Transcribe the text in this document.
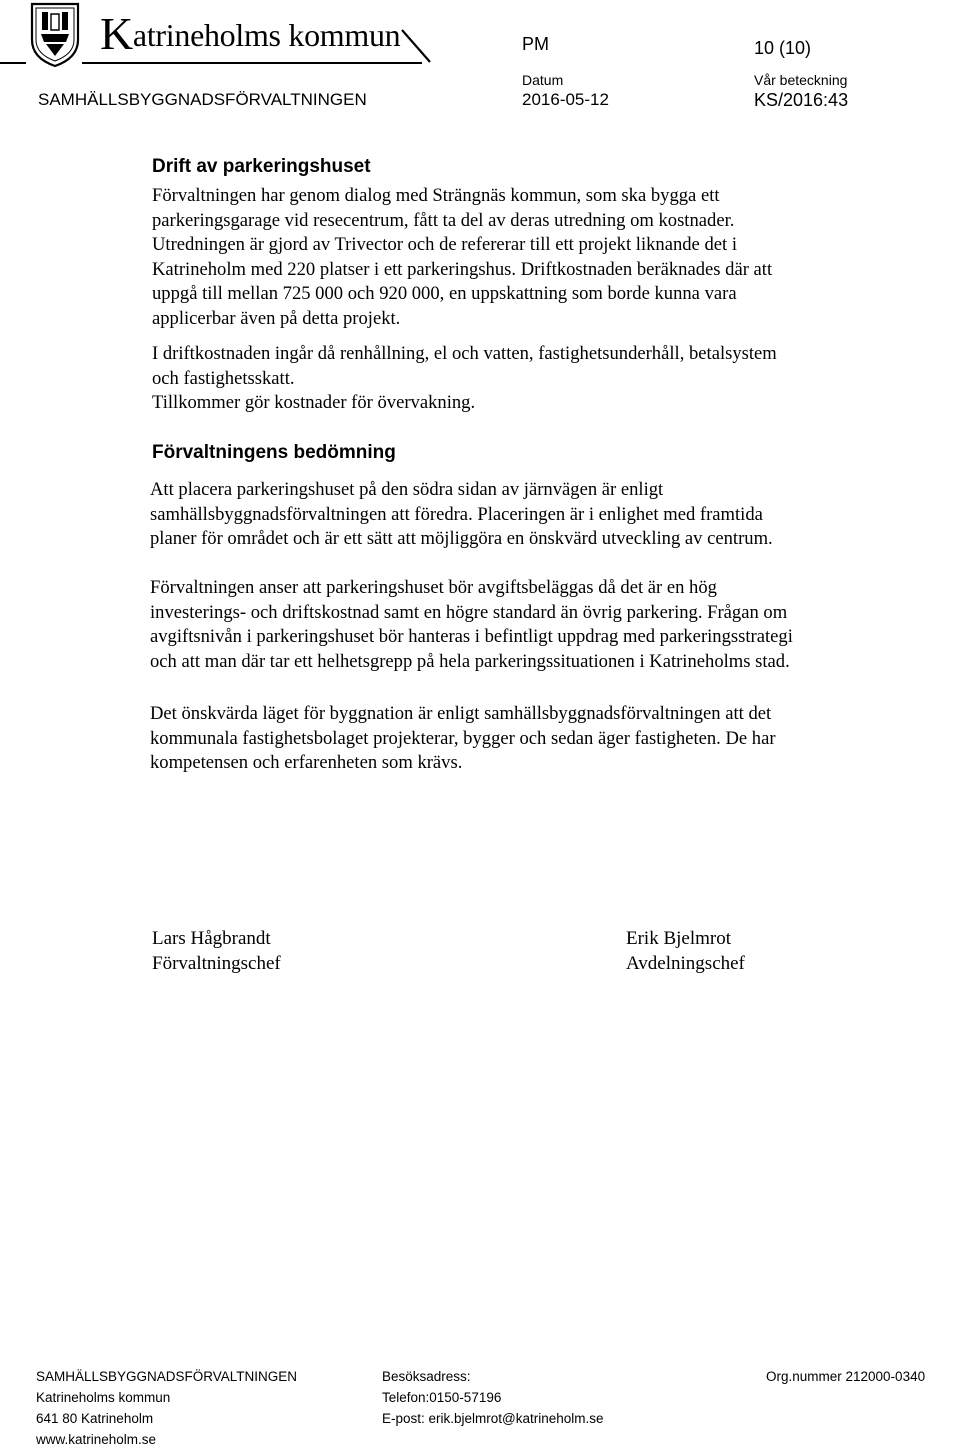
Katrineholms kommun
SAMHÄLLSBYGGNADSFÖRVALTNINGEN
PM	10 (10)
Datum
2016-05-12
Vår beteckning
KS/2016:43
Drift av parkeringshuset
Förvaltningen har genom dialog med Strängnäs kommun, som ska bygga ett
parkeringsgarage vid resecentrum, fått ta del av deras utredning om kostnader.
Utredningen är gjord av Trivector och de refererar till ett projekt liknande det i
Katrineholm med 220 platser i ett parkeringshus. Driftkostnaden beräknades där att
uppgå till mellan 725 000 och 920 000, en uppskattning som borde kunna vara
applicerbar även på detta projekt.
I driftkostnaden ingår då renhållning, el och vatten, fastighetsunderhåll, betalsystem
och fastighetsskatt.
Tillkommer gör kostnader för övervakning.
Förvaltningens bedömning
Att placera parkeringshuset på den södra sidan av järnvägen är enligt
samhällsbyggnadsförvaltningen att föredra. Placeringen är i enlighet med framtida
planer för området och är ett sätt att möjliggöra en önskvärd utveckling av centrum.
Förvaltningen anser att parkeringshuset bör avgiftsbeläggas då det är en hög
investerings- och driftskostnad samt en högre standard än övrig parkering. Frågan om
avgiftsnivån i parkeringshuset bör hanteras i befintligt uppdrag med parkeringsstrategi
och att man där tar ett helhetsgrepp på hela parkeringssituationen i Katrineholms stad.
Det önskvärda läget för byggnation är enligt samhällsbyggnadsförvaltningen att det
kommunala fastighetsbolaget projekterar, bygger och sedan äger fastigheten. De har
kompetensen och erfarenheten som krävs.
Lars Hågbrandt
Förvaltningschef
Erik Bjelmrot
Avdelningschef
SAMHÄLLSBYGGNADSFÖRVALTNINGEN
Katrineholms kommun
641 80 Katrineholm
www.katrineholm.se
Besöksadress:
Telefon:0150-57196
E-post: erik.bjelmrot@katrineholm.se
Org.nummer 212000-0340
